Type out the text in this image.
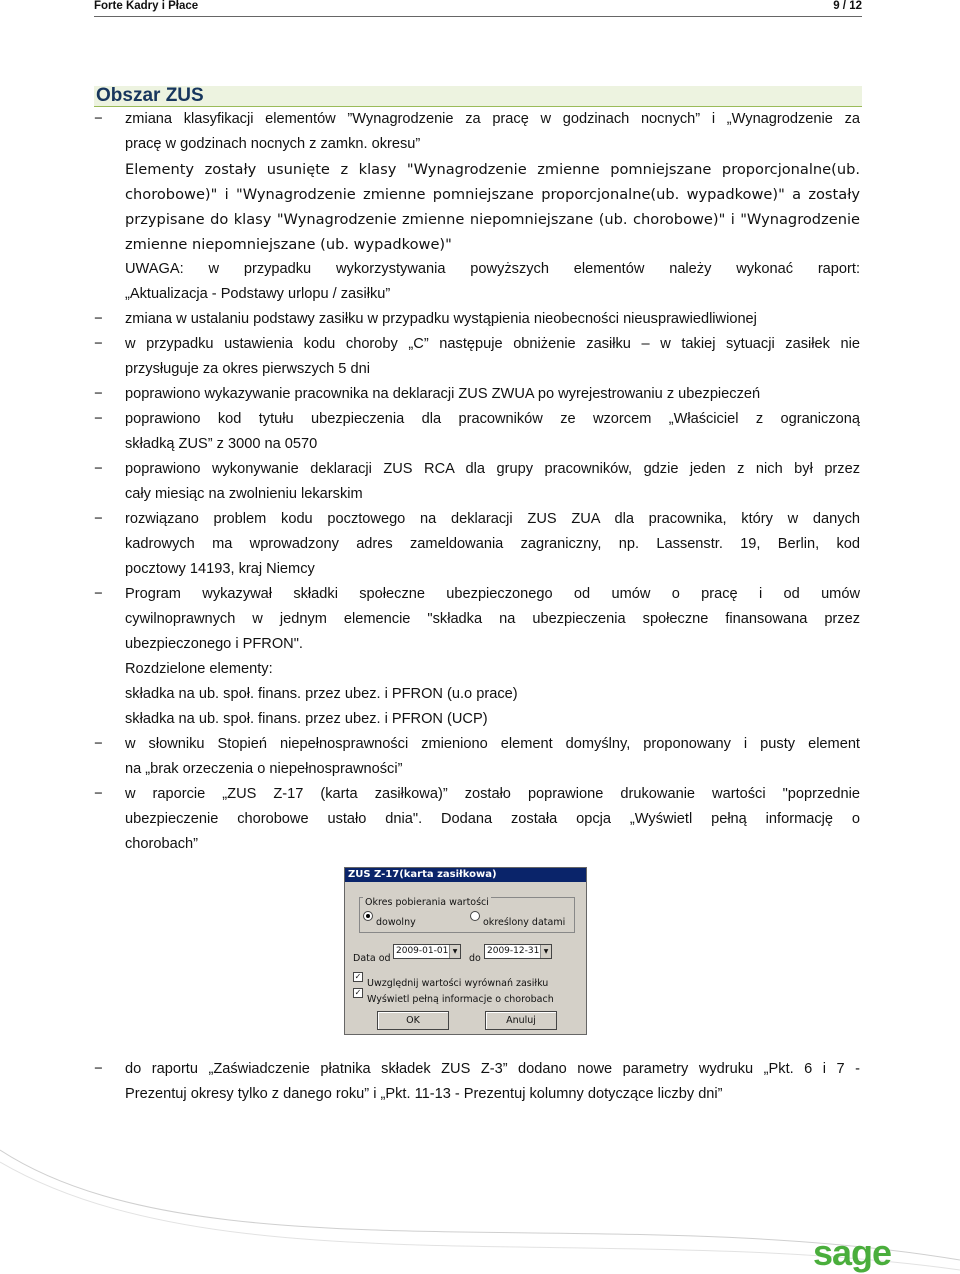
Forte Kadry i Płace	9 / 12
Obszar ZUS
− zmiana klasyfikacji elementów ”Wynagrodzenie za pracę w godzinach nocnych” i „Wynagrodzenie za
pracę w godzinach nocnych z zamkn. okresu”
Elementy zostały usunięte z klasy "Wynagrodzenie zmienne pomniejszane proporcjonalne(ub.
chorobowe)" i "Wynagrodzenie zmienne pomniejszane proporcjonalne(ub. wypadkowe)" a zostały
przypisane do klasy "Wynagrodzenie zmienne niepomniejszane (ub. chorobowe)" i "Wynagrodzenie
zmienne niepomniejszane (ub. wypadkowe)"
UWAGA: w przypadku wykorzystywania powyższych elementów należy wykonać raport:
„Aktualizacja - Podstawy urlopu / zasiłku”
− zmiana w ustalaniu podstawy zasiłku w przypadku wystąpienia nieobecności nieusprawiedliwionej
− w przypadku ustawienia kodu choroby „C” następuje obniżenie zasiłku – w takiej sytuacji zasiłek nie
przysługuje za okres pierwszych 5 dni
− poprawiono wykazywanie pracownika na deklaracji ZUS ZWUA po wyrejestrowaniu z ubezpieczeń
− poprawiono kod tytułu ubezpieczenia dla pracowników ze wzorcem „Właściciel z ograniczoną
składką ZUS” z 3000 na 0570
− poprawiono wykonywanie deklaracji ZUS RCA dla grupy pracowników, gdzie jeden z nich był przez
cały miesiąc na zwolnieniu lekarskim
− rozwiązano problem kodu pocztowego na deklaracji ZUS ZUA dla pracownika, który w danych
kadrowych ma wprowadzony adres zameldowania zagraniczny, np. Lassenstr. 19, Berlin, kod
pocztowy 14193, kraj Niemcy
− Program wykazywał składki społeczne ubezpieczonego od umów o pracę i od umów
cywilnoprawnych w jednym elemencie "składka na ubezpieczenia społeczne finansowana przez
ubezpieczonego i PFRON".
Rozdzielone elementy:
składka na ub. społ. finans. przez ubez. i PFRON (u.o prace)
składka na ub. społ. finans. przez ubez. i PFRON (UCP)
− w słowniku Stopień niepełnosprawności zmieniono element domyślny, proponowany i pusty element
na „brak orzeczenia o niepełnosprawności”
− w raporcie „ZUS Z-17 (karta zasiłkowa)” zostało poprawione drukowanie wartości "poprzednie
ubezpieczenie chorobowe ustało dnia". Dodana została opcja „Wyświetl pełną informację o
chorobach”
ZUS Z-17(karta zasiłkowa)
Okres pobierania wartości
dowolny	określony datami
Data od
2009-01-01 ▼
do
2009-12-31 ▼
✓
Uwzględnij wartości wyrównań zasiłku
✓
Wyświetl pełną informacje o chorobach
OK	Anuluj
− do raportu „Zaświadczenie płatnika składek ZUS Z-3” dodano nowe parametry wydruku „Pkt. 6 i 7 -
Prezentuj okresy tylko z danego roku” i „Pkt. 11-13 - Prezentuj kolumny dotyczące liczby dni”
sage
